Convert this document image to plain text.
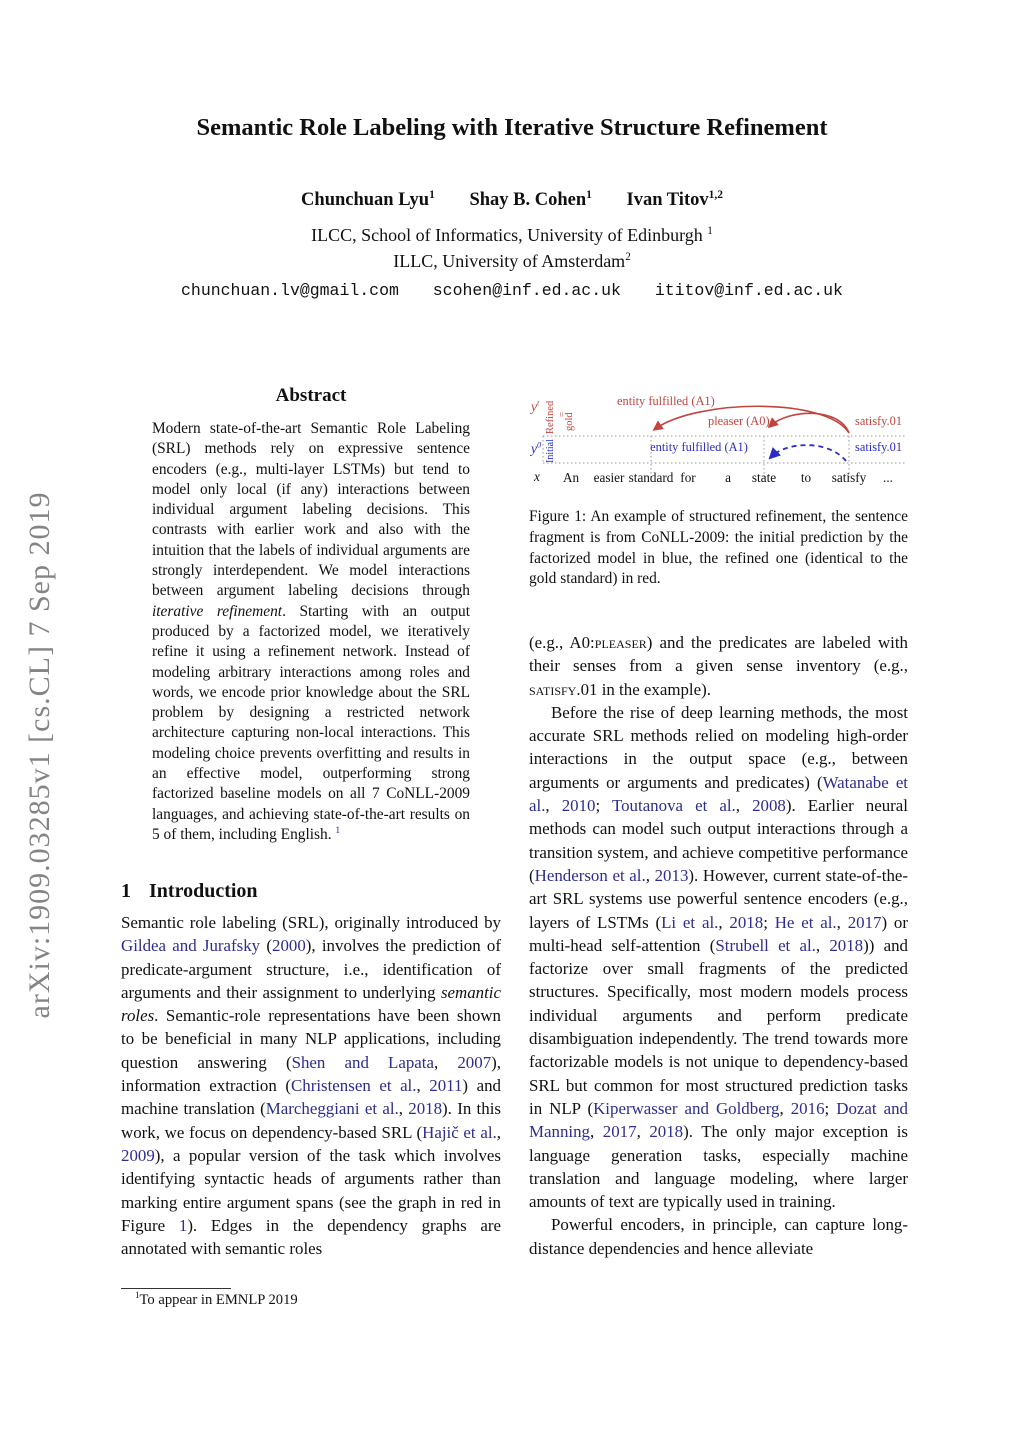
arXiv:1909.03285v1 [cs.CL] 7 Sep 2019
Semantic Role Labeling with Iterative Structure Refinement
Chunchuan Lyu$^1$ Shay B. Cohen$^1$ Ivan Titov$^{1,2}$
ILCC, School of Informatics, University of Edinburgh $^1$
ILLC, University of Amsterdam$^2$
chunchuan.lv@gmail.com scohen@inf.ed.ac.uk ititov@inf.ed.ac.uk
Abstract
Modern state-of-the-art Semantic Role Labeling (SRL) methods rely on expressive sentence encoders (e.g., multi-layer LSTMs) but tend to model only local (if any) interactions between individual argument labeling decisions. This contrasts with earlier work and also with the intuition that the labels of individual arguments are strongly interdependent. We model interactions between argument labeling decisions through iterative refinement. Starting with an output produced by a factorized model, we iteratively refine it using a refinement network. Instead of modeling arbitrary interactions among roles and words, we encode prior knowledge about the SRL problem by designing a restricted network architecture capturing non-local interactions. This modeling choice prevents overfitting and results in an effective model, outperforming strong factorized baseline models on all 7 CoNLL-2009 languages, and achieving state-of-the-art results on 5 of them, including English. $^1$
1 Introduction

Semantic role labeling (SRL), originally introduced by Gildea and Jurafsky (2000), involves the prediction of predicate-argument structure, i.e., identification of arguments and their assignment to underlying semantic roles. Semantic-role representations have been shown to be beneficial in many NLP applications, including question answering (Shen and Lapata, 2007), information extraction (Christensen et al., 2011) and machine translation (Marcheggiani et al., 2018). In this work, we focus on dependency-based SRL (Hajič et al., 2009), a popular version of the task which involves identifying syntactic heads of arguments rather than marking entire argument spans (see the graph in red in Figure 1). Edges in the dependency graphs are annotated with semantic roles

$^1$To appear in EMNLP 2019
$y^t$ Refined =
gold
entity fulfilled (A1)
pleaser (A0)	satisfy.01
$y^0$ Initial	entity fulfilled (A1)	satisfy.01
x An easier standard for a state to satisfy ...
Figure 1: An example of structured refinement, the sentence fragment is from CoNLL-2009: the initial prediction by the factorized model in blue, the refined one (identical to the gold standard) in red.

(e.g., A0:pleaser) and the predicates are labeled with their senses from a given sense inventory (e.g., satisfy.01 in the example).

Before the rise of deep learning methods, the most accurate SRL methods relied on modeling high-order interactions in the output space (e.g., between arguments or arguments and predicates) (Watanabe et al., 2010; Toutanova et al., 2008). Earlier neural methods can model such output interactions through a transition system, and achieve competitive performance (Henderson et al., 2013). However, current state-of-the-art SRL systems use powerful sentence encoders (e.g., layers of LSTMs (Li et al., 2018; He et al., 2017) or multi-head self-attention (Strubell et al., 2018)) and factorize over small fragments of the predicted structures. Specifically, most modern models process individual arguments and perform predicate disambiguation independently. The trend towards more factorizable models is not unique to dependency-based SRL but common for most structured prediction tasks in NLP (Kiperwasser and Goldberg, 2016; Dozat and Manning, 2017, 2018). The only major exception is language generation tasks, especially machine translation and language modeling, where larger amounts of text are typically used in training.

Powerful encoders, in principle, can capture long-distance dependencies and hence alleviate
